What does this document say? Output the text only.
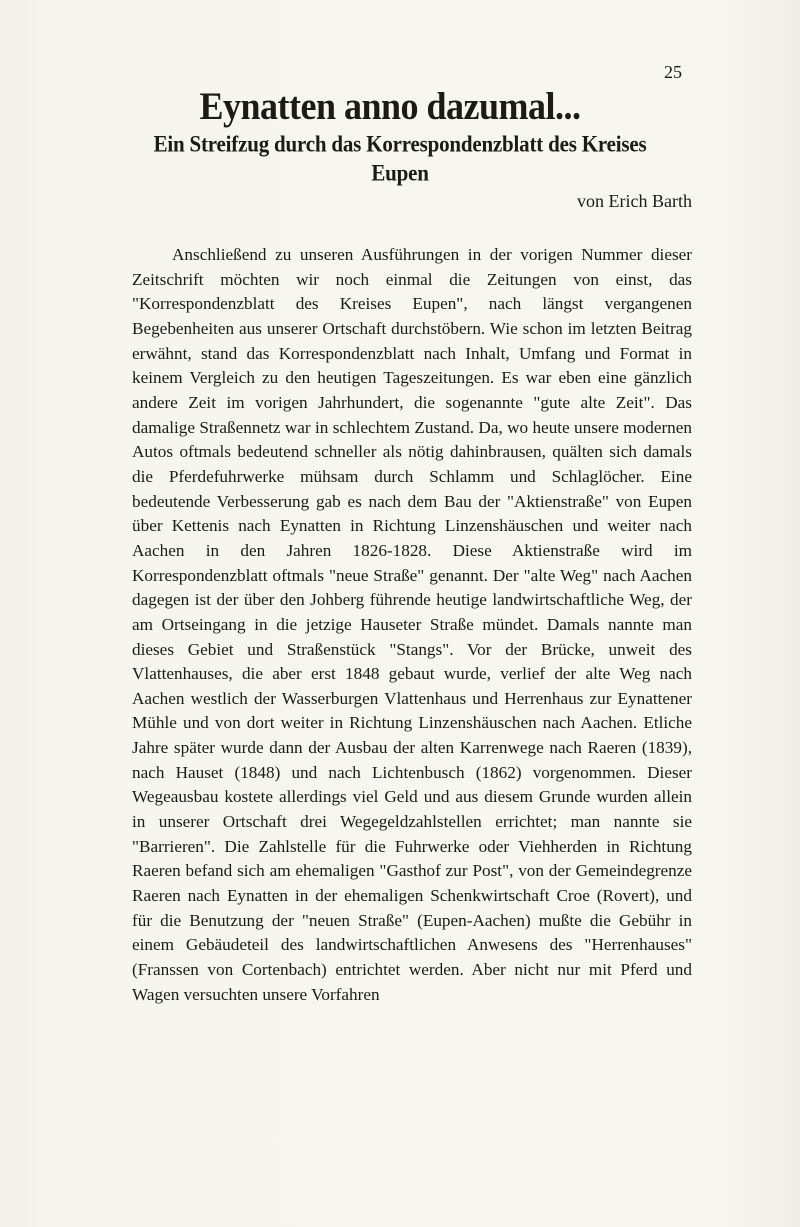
25
Eynatten anno dazumal...
Ein Streifzug durch das Korrespondenzblatt des Kreises Eupen
von Erich Barth

Anschließend zu unseren Ausführungen in der vorigen Nummer dieser Zeitschrift möchten wir noch einmal die Zeitungen von einst, das "Korrespondenzblatt des Kreises Eupen", nach längst vergangenen Begebenheiten aus unserer Ortschaft durchstöbern. Wie schon im letzten Beitrag erwähnt, stand das Korrespondenzblatt nach Inhalt, Umfang und Format in keinem Vergleich zu den heutigen Tageszeitungen. Es war eben eine gänzlich andere Zeit im vorigen Jahrhundert, die sogenannte "gute alte Zeit". Das damalige Straßennetz war in schlechtem Zustand. Da, wo heute unsere modernen Autos oftmals bedeutend schneller als nötig dahinbrausen, quälten sich damals die Pferdefuhrwerke mühsam durch Schlamm und Schlaglöcher. Eine bedeutende Verbesserung gab es nach dem Bau der "Aktienstraße" von Eupen über Kettenis nach Eynatten in Richtung Linzenshäuschen und weiter nach Aachen in den Jahren 1826-1828. Diese Aktienstraße wird im Korrespondenzblatt oftmals "neue Straße" genannt. Der "alte Weg" nach Aachen dagegen ist der über den Johberg führende heutige landwirtschaftliche Weg, der am Ortseingang in die jetzige Hauseter Straße mündet. Damals nannte man dieses Gebiet und Straßenstück "Stangs". Vor der Brücke, unweit des Vlattenhauses, die aber erst 1848 gebaut wurde, verlief der alte Weg nach Aachen westlich der Wasserburgen Vlattenhaus und Herrenhaus zur Eynattener Mühle und von dort weiter in Richtung Linzenshäuschen nach Aachen. Etliche Jahre später wurde dann der Ausbau der alten Karrenwege nach Raeren (1839), nach Hauset (1848) und nach Lichtenbusch (1862) vorgenommen. Dieser Wegeausbau kostete allerdings viel Geld und aus diesem Grunde wurden allein in unserer Ortschaft drei Wegegeldzahlstellen errichtet; man nannte sie "Barrieren". Die Zahlstelle für die Fuhrwerke oder Viehherden in Richtung Raeren befand sich am ehemaligen "Gasthof zur Post", von der Gemeindegrenze Raeren nach Eynatten in der ehemaligen Schenkwirtschaft Croe (Rovert), und für die Benutzung der "neuen Straße" (Eupen-Aachen) mußte die Gebühr in einem Gebäudeteil des landwirtschaftlichen Anwesens des "Herrenhauses" (Franssen von Cortenbach) entrichtet werden. Aber nicht nur mit Pferd und Wagen versuchten unsere Vorfahren
